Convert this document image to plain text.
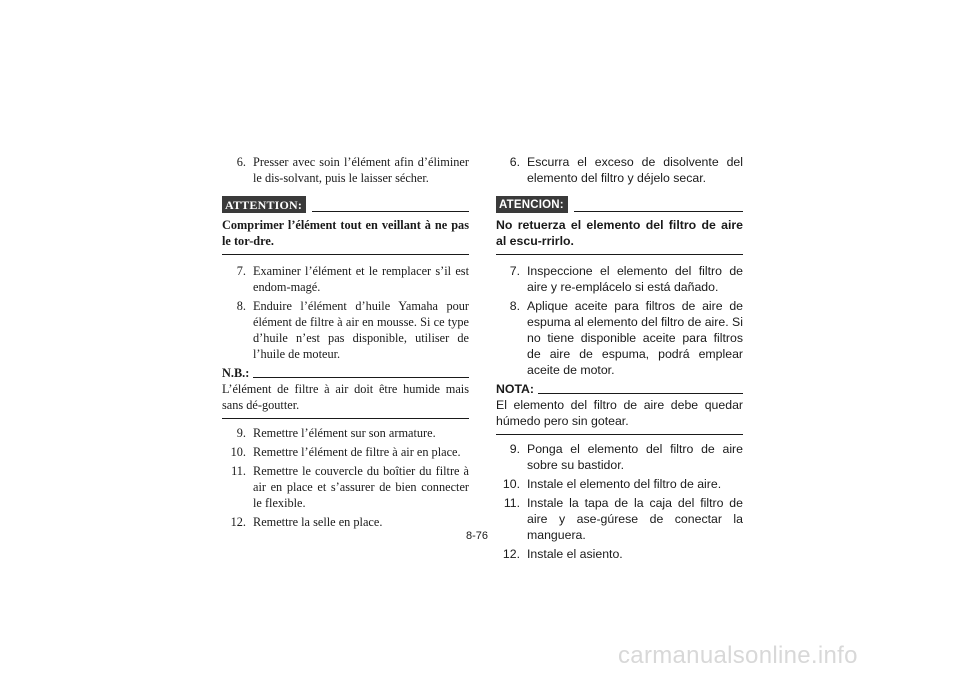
6. Presser avec soin l’élément afin d’éliminer le dis-solvant, puis le laisser sécher.
ATTENTION:

Comprimer l’élément tout en veillant à ne pas le tor-dre.

7. Examiner l’élément et le remplacer s’il est endom-magé.
8. Enduire l’élément d’huile Yamaha pour élément de filtre à air en mousse. Si ce type d’huile n’est pas disponible, utiliser de l’huile de moteur.
N.B.:

L’élément de filtre à air doit être humide mais sans dé-goutter.

9. Remettre l’élément sur son armature.
10. Remettre l’élément de filtre à air en place.
11. Remettre le couvercle du boîtier du filtre à air en place et s’assurer de bien connecter le flexible.
12. Remettre la selle en place.
6. Escurra el exceso de disolvente del elemento del filtro y déjelo secar.
ATENCION:

No retuerza el elemento del filtro de aire al escu-rrirlo.

7. Inspeccione el elemento del filtro de aire y re-emplácelo si está dañado.
8. Aplique aceite para filtros de aire de espuma al elemento del filtro de aire. Si no tiene disponible aceite para filtros de aire de espuma, podrá emplear aceite de motor.
NOTA:

El elemento del filtro de aire debe quedar húmedo pero sin gotear.

9. Ponga el elemento del filtro de aire sobre su bastidor.
10. Instale el elemento del filtro de aire.
11. Instale la tapa de la caja del filtro de aire y ase-gúrese de conectar la manguera.
12. Instale el asiento.
8-76
carmanualsonline.info
